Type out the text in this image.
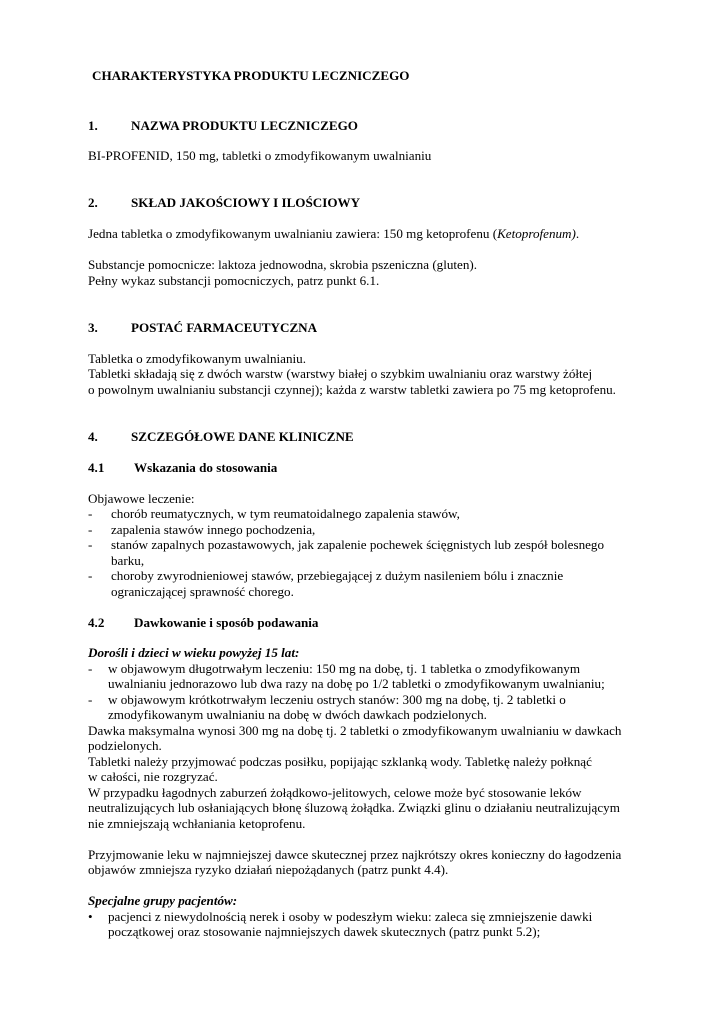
CHARAKTERYSTYKA PRODUKTU LECZNICZEGO
1.	NAZWA PRODUKTU LECZNICZEGO
BI-PROFENID, 150 mg, tabletki o zmodyfikowanym uwalnianiu
2.	SKŁAD JAKOŚCIOWY I ILOŚCIOWY
Jedna tabletka o zmodyfikowanym uwalnianiu zawiera: 150 mg ketoprofenu (Ketoprofenum).
Substancje pomocnicze: laktoza jednowodna, skrobia pszeniczna (gluten).
Pełny wykaz substancji pomocniczych, patrz punkt 6.1.
3.	POSTAĆ FARMACEUTYCZNA
Tabletka o zmodyfikowanym uwalnianiu.
Tabletki składają się z dwóch warstw (warstwy białej o szybkim uwalnianiu oraz warstwy żółtej
o powolnym uwalnianiu substancji czynnej); każda z warstw tabletki zawiera po 75 mg ketoprofenu.
4.	SZCZEGÓŁOWE DANE KLINICZNE
4.1 Wskazania do stosowania
Objawowe leczenie:
- chorób reumatycznych, w tym reumatoidalnego zapalenia stawów,
- zapalenia stawów innego pochodzenia,
- stanów zapalnych pozastawowych, jak zapalenie pochewek ścięgnistych lub zespół bolesnego
barku,
- choroby zwyrodnieniowej stawów, przebiegającej z dużym nasileniem bólu i znacznie
ograniczającej sprawność chorego.
4.2 Dawkowanie i sposób podawania
Dorośli i dzieci w wieku powyżej 15 lat:
- w objawowym długotrwałym leczeniu: 150 mg na dobę, tj. 1 tabletka o zmodyfikowanym
uwalnianiu jednorazowo lub dwa razy na dobę po 1/2 tabletki o zmodyfikowanym uwalnianiu;
- w objawowym krótkotrwałym leczeniu ostrych stanów: 300 mg na dobę, tj. 2 tabletki o
zmodyfikowanym uwalnianiu na dobę w dwóch dawkach podzielonych.
Dawka maksymalna wynosi 300 mg na dobę tj. 2 tabletki o zmodyfikowanym uwalnianiu w dawkach
podzielonych.
Tabletki należy przyjmować podczas posiłku, popijając szklanką wody. Tabletkę należy połknąć
w całości, nie rozgryzać.
W przypadku łagodnych zaburzeń żołądkowo-jelitowych, celowe może być stosowanie leków
neutralizujących lub osłaniających błonę śluzową żołądka. Związki glinu o działaniu neutralizującym
nie zmniejszają wchłaniania ketoprofenu.
Przyjmowanie leku w najmniejszej dawce skutecznej przez najkrótszy okres konieczny do łagodzenia
objawów zmniejsza ryzyko działań niepożądanych (patrz punkt 4.4).
Specjalne grupy pacjentów:
• pacjenci z niewydolnością nerek i osoby w podeszłym wieku: zaleca się zmniejszenie dawki
początkowej oraz stosowanie najmniejszych dawek skutecznych (patrz punkt 5.2);
